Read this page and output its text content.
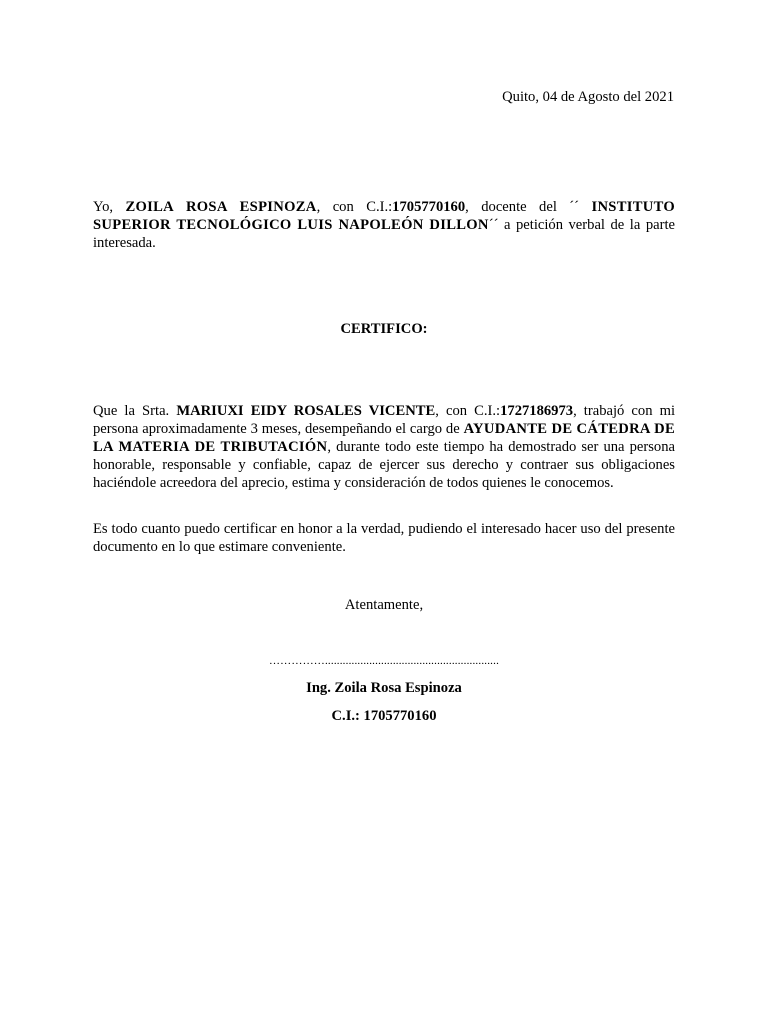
Quito, 04 de Agosto del 2021
Yo, ZOILA ROSA ESPINOZA, con C.I.:1705770160, docente del ´´ INSTITUTO SUPERIOR TECNOLÓGICO LUIS NAPOLEÓN DILLON´´ a petición verbal de la parte interesada.
CERTIFICO:
Que la Srta. MARIUXI EIDY ROSALES VICENTE, con C.I.:1727186973, trabajó con mi persona aproximadamente 3 meses, desempeñando el cargo de AYUDANTE DE CÁTEDRA DE LA MATERIA DE TRIBUTACIÓN, durante todo este tiempo ha demostrado ser una persona honorable, responsable y confiable, capaz de ejercer sus derecho y contraer sus obligaciones haciéndole acreedora del aprecio, estima y consideración de todos quienes le conocemos.
Es todo cuanto puedo certificar en honor a la verdad, pudiendo el interesado hacer uso del presente documento en lo que estimare conveniente.
Atentamente,
……………...........................................................
Ing. Zoila Rosa Espinoza
C.I.: 1705770160
